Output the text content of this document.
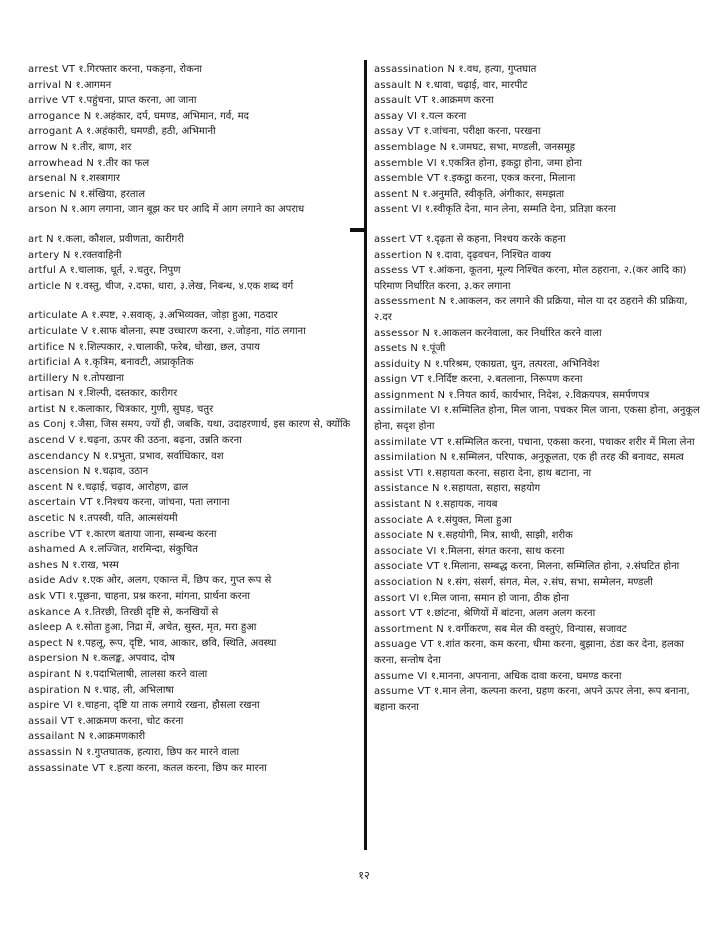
arrest VT १.गिरफ्तार करना, पकड़ना, रोकना
arrival N १.आगमन
arrive VT १.पहुंचना, प्राप्त करना, आ जाना
arrogance N १.अहंकार, दर्प, घमण्ड, अभिमान, गर्व, मद
arrogant A १.अहंकारी, घमण्डी, हठी, अभिमानी
arrow N १.तीर, बाण, शर
arrowhead N १.तीर का फल
arsenal N १.शस्त्रागार
arsenic N १.संखिया, हरताल
arson N १.आग लगाना, जान बूझ कर घर आदि में आग लगाने का अपराध
art N १.कला, कौशल, प्रवीणता, कारीगरी
artery N १.रक्तवाहिनी
artful A १.चालाक, धूर्त, २.चतुर, निपुण
article N १.वस्तु, चीज, २.दफा, धारा, ३.लेख, निबन्ध, ४.एक शब्द वर्ग
articulate A १.स्पष्ट, २.सवाक्, ३.अभिव्यक्त, जोड़ा हुआ, गठदार
articulate V १.साफ बोलना, स्पष्ट उच्चारण करना, २.जोड़ना, गांठ लगाना
artifice N १.शिल्पकार, २.चालाकी, फरेब, धोखा, छल, उपाय
artificial A १.कृत्रिम, बनावटी, अप्राकृतिक
artillery N १.तोपखाना
artisan N १.शिल्पी, दस्तकार, कारीगर
artist N १.कलाकार, चित्रकार, गुणी, सुघड़, चतुर
as Conj १.जैसा, जिस समय, ज्यों ही, जबकि, यथा, उदाहरणार्थ, इस कारण से, क्योंकि
ascend V १.चढ़ना, ऊपर की उठना, बढ़ना, उन्नति करना
ascendancy N १.प्रभुता, प्रभाव, सर्वाधिकार, वश
ascension N १.चढ़ाव, उठान
ascent N १.चढ़ाई, चढ़ाव, आरोहण, ढाल
ascertain VT १.निश्चय करना, जांचना, पता लगाना
ascetic N १.तपस्वी, यति, आत्मसंयमी
ascribe VT १.कारण बताया जाना, सम्बन्ध करना
ashamed A १.लज्जित, शरमिन्दा, संकुचित
ashes N १.राख, भस्म
aside Adv १.एक ओर, अलग, एकान्त में, छिप कर, गुप्त रूप से
ask VTI १.पूछना, चाहना, प्रश्न करना, मांगना, प्रार्थना करना
askance A १.तिरछी, तिरछी दृष्टि से, कनखियों से
asleep A १.सोता हुआ, निद्रा में, अचेत, सुस्त, मृत, मरा हुआ
aspect N १.पहलू, रूप, दृष्टि, भाव, आकार, छवि, स्थिति, अवस्था
aspersion N १.कलङ्क, अपवाद, दोष
aspirant N १.पदाभिलाषी, लालसा करने वाला
aspiration N १.चाह, ली, अभिलाषा
aspire VI १.चाहना, दृष्टि या ताक लगाये रखना, हौसला रखना
assail VT १.आक्रमण करना, चोट करना
assailant N १.आक्रमणकारी
assassin N १.गुप्तघातक, हत्यारा, छिप कर मारने वाला
assassinate VT १.हत्या करना, कतल करना, छिप कर मारना
assassination N १.वध, हत्या, गुप्तघात
assault N १.धावा, चढ़ाई, वार, मारपीट
assault VT १.आक्रमण करना
assay VI १.यत्न करना
assay VT १.जांचना, परीक्षा करना, परखना
assemblage N १.जमघट, सभा, मण्डली, जनसमूह
assemble VI १.एकत्रित होना, इकट्ठा होना, जमा होना
assemble VT १.इकट्ठा करना, एकत्र करना, मिलाना
assent N १.अनुमति, स्वीकृति, अंगीकार, समझता
assent VI १.स्वीकृति देना, मान लेना, सम्मति देना, प्रतिज्ञा करना
assert VT १.दृढ़ता से कहना, निश्चय करके कहना
assertion N १.दावा, दृढ़वचन, निश्चित वाक्य
assess VT १.आंकना, कूतना, मूल्य निश्चित करना, मोल ठहराना, २.(कर आदि का) परिमाण निर्धारित करना, ३.कर लगाना
assessment N १.आकलन, कर लगाने की प्रक्रिया, मोल या दर ठहराने की प्रक्रिया, २.दर
assessor N १.आकलन करनेवाला, कर निर्धारित करने वाला
assets N १.पूंजी
assiduity N १.परिश्रम, एकाग्रता, धुन, तत्परता, अभिनिवेश
assign VT १.निर्दिष्ट करना, २.बतलाना, निरूपण करना
assignment N १.नियत कार्य, कार्यभार, निदेश, २.विक्रयपत्र, समर्पणपत्र
assimilate VI १.सम्मिलित होना, मिल जाना, पचकर मिल जाना, एकसा होना, अनुकूल होना, सदृश होना
assimilate VT १.सम्मिलित करना, पचाना, एकसा करना, पचाकर शरीर में मिला लेना
assimilation N १.सम्मिलन, परिपाक, अनुकूलता, एक ही तरह की बनावट, समत्व
assist VTI १.सहायता करना, सहारा देना, हाथ बटाना, ना
assistance N १.सहायता, सहारा, सहयोग
assistant N १.सहायक, नायब
associate A १.संयुक्त, मिला हुआ
associate N १.सहयोगी, मित्र, साथी, साझी, शरीक
associate VI १.मिलना, संगत करना, साथ करना
associate VT १.मिलाना, सम्बद्ध करना, मिलना, सम्मिलित होना, २.संघटित होना
association N १.संग, संसर्ग, संगत, मेल, २.संघ, सभा, सम्मेलन, मण्डली
assort VI १.मिल जाना, समान हो जाना, ठीक होना
assort VT १.छांटना, श्रेणियों में बांटना, अलग अलग करना
assortment N १.वर्गीकरण, सब मेल की वस्तुएं, विन्यास, सजावट
assuage VT १.शांत करना, कम करना, धीमा करना, बुझाना, ठंडा कर देना, हलका करना, सन्तोष देना
assume VI १.मानना, अपनाना, अधिक दावा करना, घमण्ड करना
assume VT १.मान लेना, कल्पना करना, ग्रहण करना, अपने ऊपर लेना, रूप बनाना, बहाना करना
१२
